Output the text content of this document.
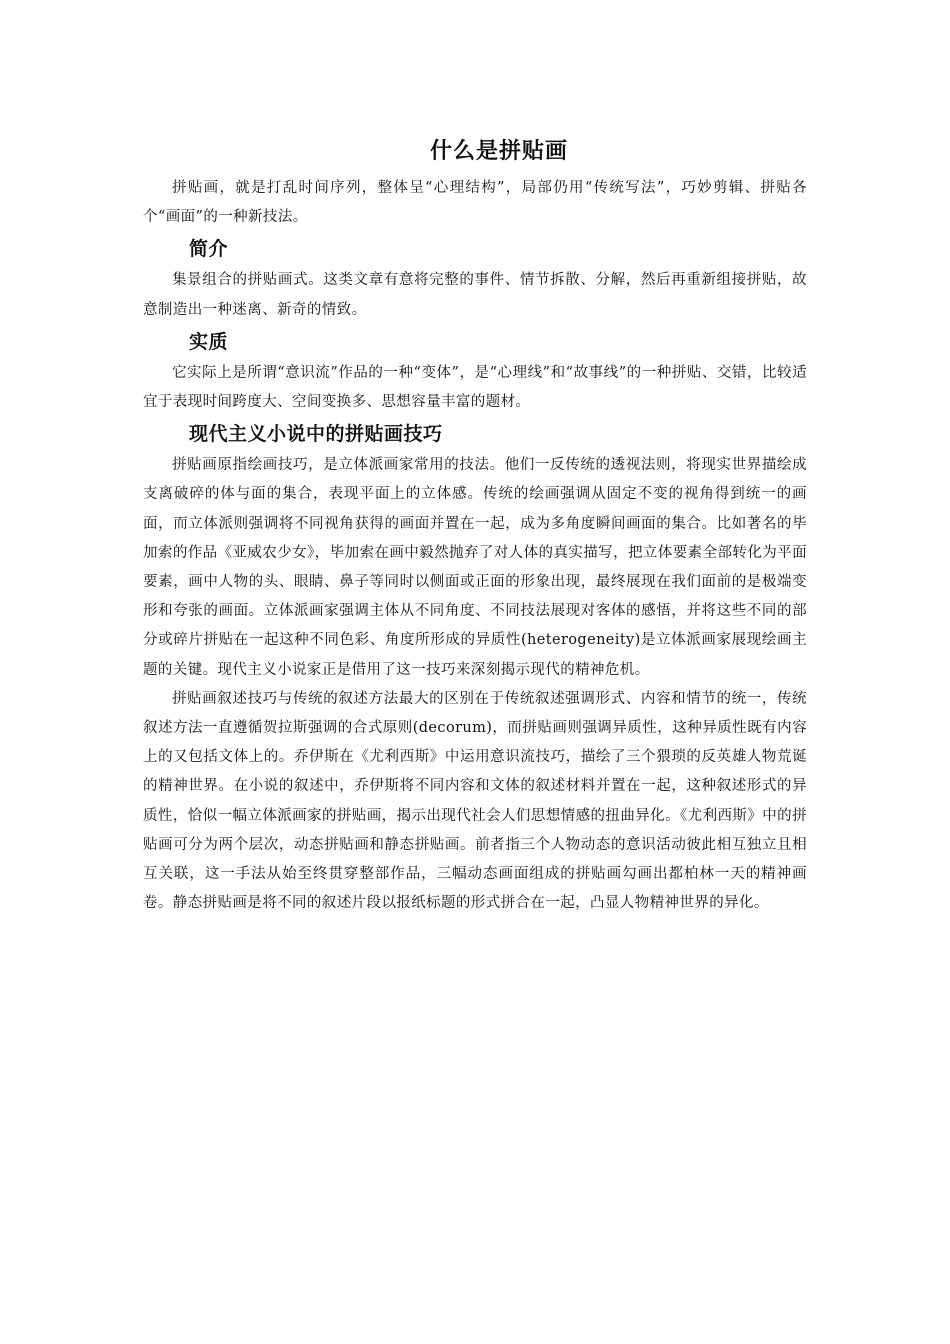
什么是拼贴画

拼贴画，就是打乱时间序列，整体呈“心理结构”，局部仍用“传统写法”，巧妙剪辑、拼贴各个“画面”的一种新技法。

简介

集景组合的拼贴画式。这类文章有意将完整的事件、情节拆散、分解，然后再重新组接拼贴，故意制造出一种迷离、新奇的情致。

实质

它实际上是所谓“意识流”作品的一种“变体”，是“心理线”和“故事线”的一种拼贴、交错，比较适宜于表现时间跨度大、空间变换多、思想容量丰富的题材。

现代主义小说中的拼贴画技巧

拼贴画原指绘画技巧，是立体派画家常用的技法。他们一反传统的透视法则，将现实世界描绘成支离破碎的体与面的集合，表现平面上的立体感。传统的绘画强调从固定不变的视角得到统一的画面，而立体派则强调将不同视角获得的画面并置在一起，成为多角度瞬间画面的集合。比如著名的毕加索的作品《亚威农少女》，毕加索在画中毅然抛弃了对人体的真实描写，把立体要素全部转化为平面要素，画中人物的头、眼睛、鼻子等同时以侧面或正面的形象出现，最终展现在我们面前的是极端变形和夸张的画面。立体派画家强调主体从不同角度、不同技法展现对客体的感悟，并将这些不同的部分或碎片拼贴在一起这种不同色彩、角度所形成的异质性(heterogeneity)是立体派画家展现绘画主题的关键。现代主义小说家正是借用了这一技巧来深刻揭示现代的精神危机。

拼贴画叙述技巧与传统的叙述方法最大的区别在于传统叙述强调形式、内容和情节的统一，传统叙述方法一直遵循贺拉斯强调的合式原则(decorum)，而拼贴画则强调异质性，这种异质性既有内容上的又包括文体上的。乔伊斯在《尤利西斯》中运用意识流技巧，描绘了三个猥琐的反英雄人物荒诞的精神世界。在小说的叙述中，乔伊斯将不同内容和文体的叙述材料并置在一起，这种叙述形式的异质性，恰似一幅立体派画家的拼贴画，揭示出现代社会人们思想情感的扭曲异化。《尤利西斯》中的拼贴画可分为两个层次，动态拼贴画和静态拼贴画。前者指三个人物动态的意识活动彼此相互独立且相互关联，这一手法从始至终贯穿整部作品，三幅动态画面组成的拼贴画勾画出都柏林一天的精神画卷。静态拼贴画是将不同的叙述片段以报纸标题的形式拼合在一起，凸显人物精神世界的异化。
